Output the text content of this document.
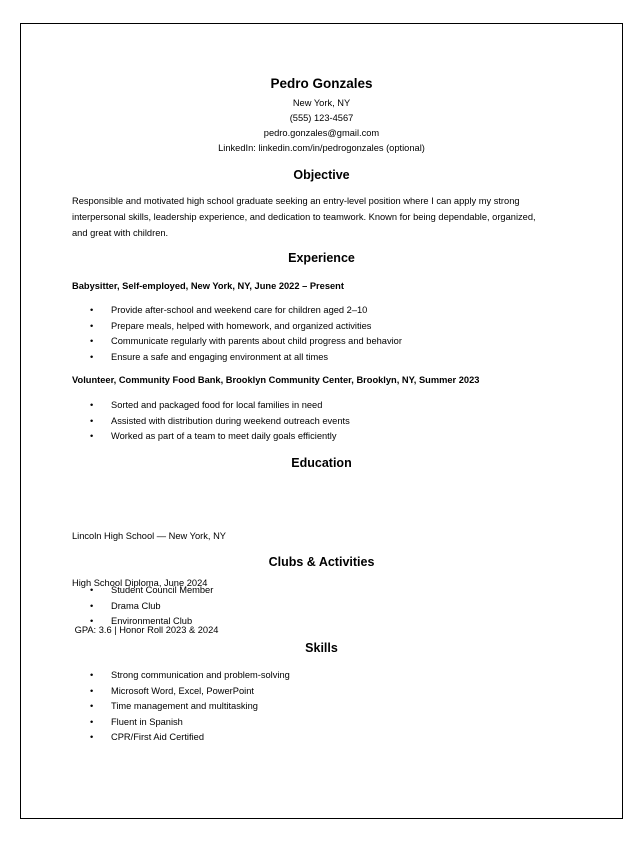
Pedro Gonzales
New York, NY
(555) 123-4567
pedro.gonzales@gmail.com
LinkedIn: linkedin.com/in/pedrogonzales (optional)
Objective
Responsible and motivated high school graduate seeking an entry-level position where I can apply my strong
interpersonal skills, leadership experience, and dedication to teamwork. Known for being dependable, organized,
and great with children.
Experience
Babysitter, Self-employed, New York, NY, June 2022 – Present
• Provide after-school and weekend care for children aged 2–10
• Prepare meals, helped with homework, and organized activities
• Communicate regularly with parents about child progress and behavior
• Ensure a safe and engaging environment at all times
Volunteer, Community Food Bank, Brooklyn Community Center, Brooklyn, NY, Summer 2023
• Sorted and packaged food for local families in need
• Assisted with distribution during weekend outreach events
• Worked as part of a team to meet daily goals efficiently
Education

Lincoln High School — New York, NY

High School Diploma, June 2024

GPA: 3.6 | Honor Roll 2023 & 2024

Clubs & Activities
• Student Council Member
• Drama Club
• Environmental Club
Skills
• Strong communication and problem-solving
• Microsoft Word, Excel, PowerPoint
• Time management and multitasking
• Fluent in Spanish
• CPR/First Aid Certified
